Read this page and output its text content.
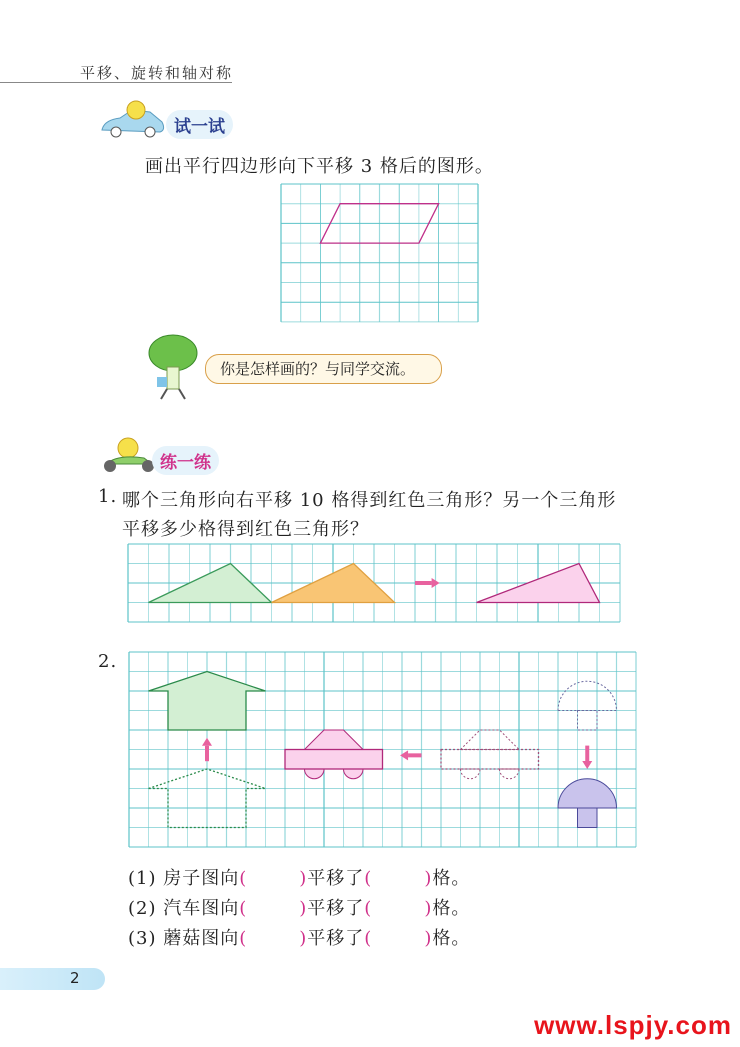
平移、旋转和轴对称
试一试
画出平行四边形向下平移 3 格后的图形。
你是怎样画的？与同学交流。
练一练
1. 哪个三角形向右平移 10 格得到红色三角形？另一个三角形
平移多少格得到红色三角形？
2.
(1) 房子图向(	)平移了(	)格。
(2) 汽车图向(	)平移了(	)格。
(3) 蘑菇图向(	)平移了(	)格。
2
www.lspjy.com
